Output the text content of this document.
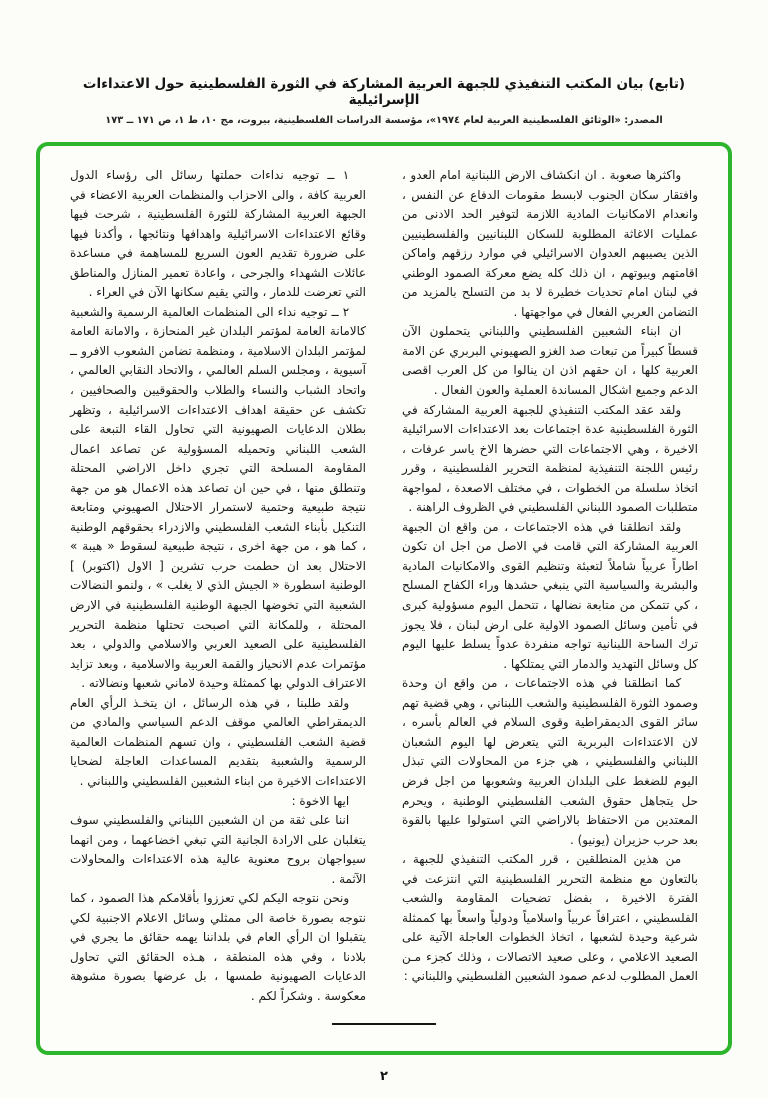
(تابع) بيان المكتب التنفيذي للجبهة العربية المشاركة في الثورة الفلسطينية حول الاعتداءات الإسرائيلية
المصدر: «الوثائق الفلسطينية العربية لعام ١٩٧٤»، مؤسسة الدراسات الفلسطينية، بيروت، مج ١٠، ط ١، ص ١٧١ ــ ١٧٣

واكثرها صعوبة . ان انكشاف الارض اللبنانية امام العدو ، وافتقار سكان الجنوب لابسط مقومات الدفاع عن النفس ، وانعدام الامكانيات المادية اللازمة لتوفير الحد الادنى من عمليات الاغاثة المطلوبة للسكان اللبنانيين والفلسطينيين الذين يصيبهم العدوان الاسرائيلي في موارد رزقهم واماكن اقامتهم وبيوتهم ، ان ذلك كله يضع معركة الصمود الوطني في لبنان امام تحديات خطيرة لا بد من التسلح بالمزيد من التضامن العربي الفعال في مواجهتها .

ان ابناء الشعبين الفلسطيني واللبناني يتحملون الآن قسطاً كبيراً من تبعات صد الغزو الصهيوني البربري عن الامة العربية كلها ، ان حقهم اذن ان ينالوا من كل العرب اقصى الدعم وجميع اشكال المساندة العملية والعون الفعال .

ولقد عقد المكتب التنفيذي للجبهة العربية المشاركة في الثورة الفلسطينية عدة اجتماعات بعد الاعتداءات الاسرائيلية الاخيرة ، وهي الاجتماعات التي حضرها الاخ ياسر عرفات ، رئيس اللجنة التنفيذية لمنظمة التحرير الفلسطينية ، وقرر اتخاذ سلسلة من الخطوات ، في مختلف الاصعدة ، لمواجهة متطلبات الصمود اللبناني الفلسطيني في الظروف الراهنة .

ولقد انطلقنا في هذه الاجتماعات ، من واقع ان الجبهة العربية المشاركة التي قامت في الاصل من اجل ان تكون اطاراً عربياً شاملاً لتعبئة وتنظيم القوى والامكانيات المادية والبشرية والسياسية التي ينبغي حشدها وراء الكفاح المسلح ، كي تتمكن من متابعة نضالها ، تتحمل اليوم مسؤولية كبرى في تأمين وسائل الصمود الاولية على ارض لبنان ، فلا يجوز ترك الساحة اللبنانية تواجه منفردة عدواً يسلط عليها اليوم كل وسائل التهديد والدمار التي يمتلكها .

كما انطلقنا في هذه الاجتماعات ، من واقع ان وحدة وصمود الثورة الفلسطينية والشعب اللبناني ، وهي قضية تهم سائر القوى الديمقراطية وقوى السلام في العالم بأسره ، لان الاعتداءات البربرية التي يتعرض لها اليوم الشعبان اللبناني والفلسطيني ، هي جزء من المحاولات التي تبذل اليوم للضغط على البلدان العربية وشعوبها من اجل فرض حل يتجاهل حقوق الشعب الفلسطيني الوطنية ، ويحرم المعتدين من الاحتفاظ بالاراضي التي استولوا عليها بالقوة بعد حرب حزيران (يونيو) .

من هذين المنطلقين ، قرر المكتب التنفيذي للجبهة ، بالتعاون مع منظمة التحرير الفلسطينية التي انتزعت في الفترة الاخيرة ، بفضل تضحيات المقاومة والشعب الفلسطيني ، اعترافاً عربياً واسلامياً ودولياً واسعاً بها كممثلة شرعية وحيدة لشعبها ، اتخاذ الخطوات العاجلة الآتية على الصعيد الاعلامي ، وعلى صعيد الاتصالات ، وذلك كجزء مـن العمل المطلوب لدعم صمود الشعبين الفلسطيني واللبناني :

١ ــ توجيه نداءات حملتها رسائل الى رؤساء الدول العربية كافة ، والى الاحزاب والمنظمات العربية الاعضاء في الجبهة العربية المشاركة للثورة الفلسطينية ، شرحت فيها وقائع الاعتداءات الاسرائيلية واهدافها ونتائجها ، وأكدنا فيها على ضرورة تقديم العون السريع للمساهمة في مساعدة عائلات الشهداء والجرحى ، واعادة تعمير المنازل والمناطق التي تعرضت للدمار ، والتي يقيم سكانها الآن في العراء .

٢ ــ توجيه نداء الى المنظمات العالمية الرسمية والشعبية كالامانة العامة لمؤتمر البلدان غير المنحازة ، والامانة العامة لمؤتمر البلدان الاسلامية ، ومنظمة تضامن الشعوب الافرو ــ آسيوية ، ومجلس السلم العالمي ، والاتحاد النقابي العالمي ، واتحاد الشباب والنساء والطلاب والحقوقيين والصحافيين ، تكشف عن حقيقة اهداف الاعتداءات الاسرائيلية ، وتظهر بطلان الدعايات الصهيونية التي تحاول القاء التبعة على الشعب اللبناني وتحميله المسؤولية عن تصاعد اعمال المقاومة المسلحة التي تجري داخل الاراضي المحتلة وتنطلق منها ، في حين ان تصاعد هذه الاعمال هو من جهة نتيجة طبيعية وحتمية لاستمرار الاحتلال الصهيوني ومتابعة التنكيل بأبناء الشعب الفلسطيني والازدراء بحقوقهم الوطنية ، كما هو ، من جهة اخرى ، نتيجة طبيعية لسقوط « هيبة » الاحتلال بعد ان حطمت حرب تشرين [ الاول (اكتوبر) ] الوطنية اسطورة « الجيش الذي لا يغلب » ، ولنمو النضالات الشعبية التي تخوضها الجبهة الوطنية الفلسطينية في الارض المحتلة ، وللمكانة التي اصبحت تحتلها منظمة التحرير الفلسطينية على الصعيد العربي والاسلامي والدولي ، بعد مؤتمرات عدم الانحياز والقمة العربية والاسلامية ، وبعد تزايد الاعتراف الدولي بها كممثلة وحيدة لاماني شعبها ونضالاته .

ولقد طلبنا ، في هذه الرسائل ، ان يتخـذ الرأي العام الديمقراطي العالمي موقف الدعم السياسي والمادي من قضية الشعب الفلسطيني ، وان تسهم المنظمات العالمية الرسمية والشعبية بتقديم المساعدات العاجلة لضحايا الاعتداءات الاخيرة من ابناء الشعبين الفلسطيني واللبناني .

ايها الاخوة :

اننا على ثقة من ان الشعبين اللبناني والفلسطيني سوف يتغلبان على الارادة الجانية التي تبغي اخضاعهما ، ومن انهما سيواجهان بروح معنوية عالية هذه الاعتداءات والمحاولات الآثمة .

ونحن نتوجه اليكم لكي تعززوا بأقلامكم هذا الصمود ، كما نتوجه بصورة خاصة الى ممثلي وسائل الاعلام الاجنبية لكي يتقبلوا ان الرأي العام في بلداننا يهمه حقائق ما يجري في بلادنا ، وفي هذه المنطقة ، هـذه الحقائق التي تحاول الدعايات الصهيونية طمسها ، بل عرضها بصورة مشوهة معكوسة . وشكراً لكم .

٢
